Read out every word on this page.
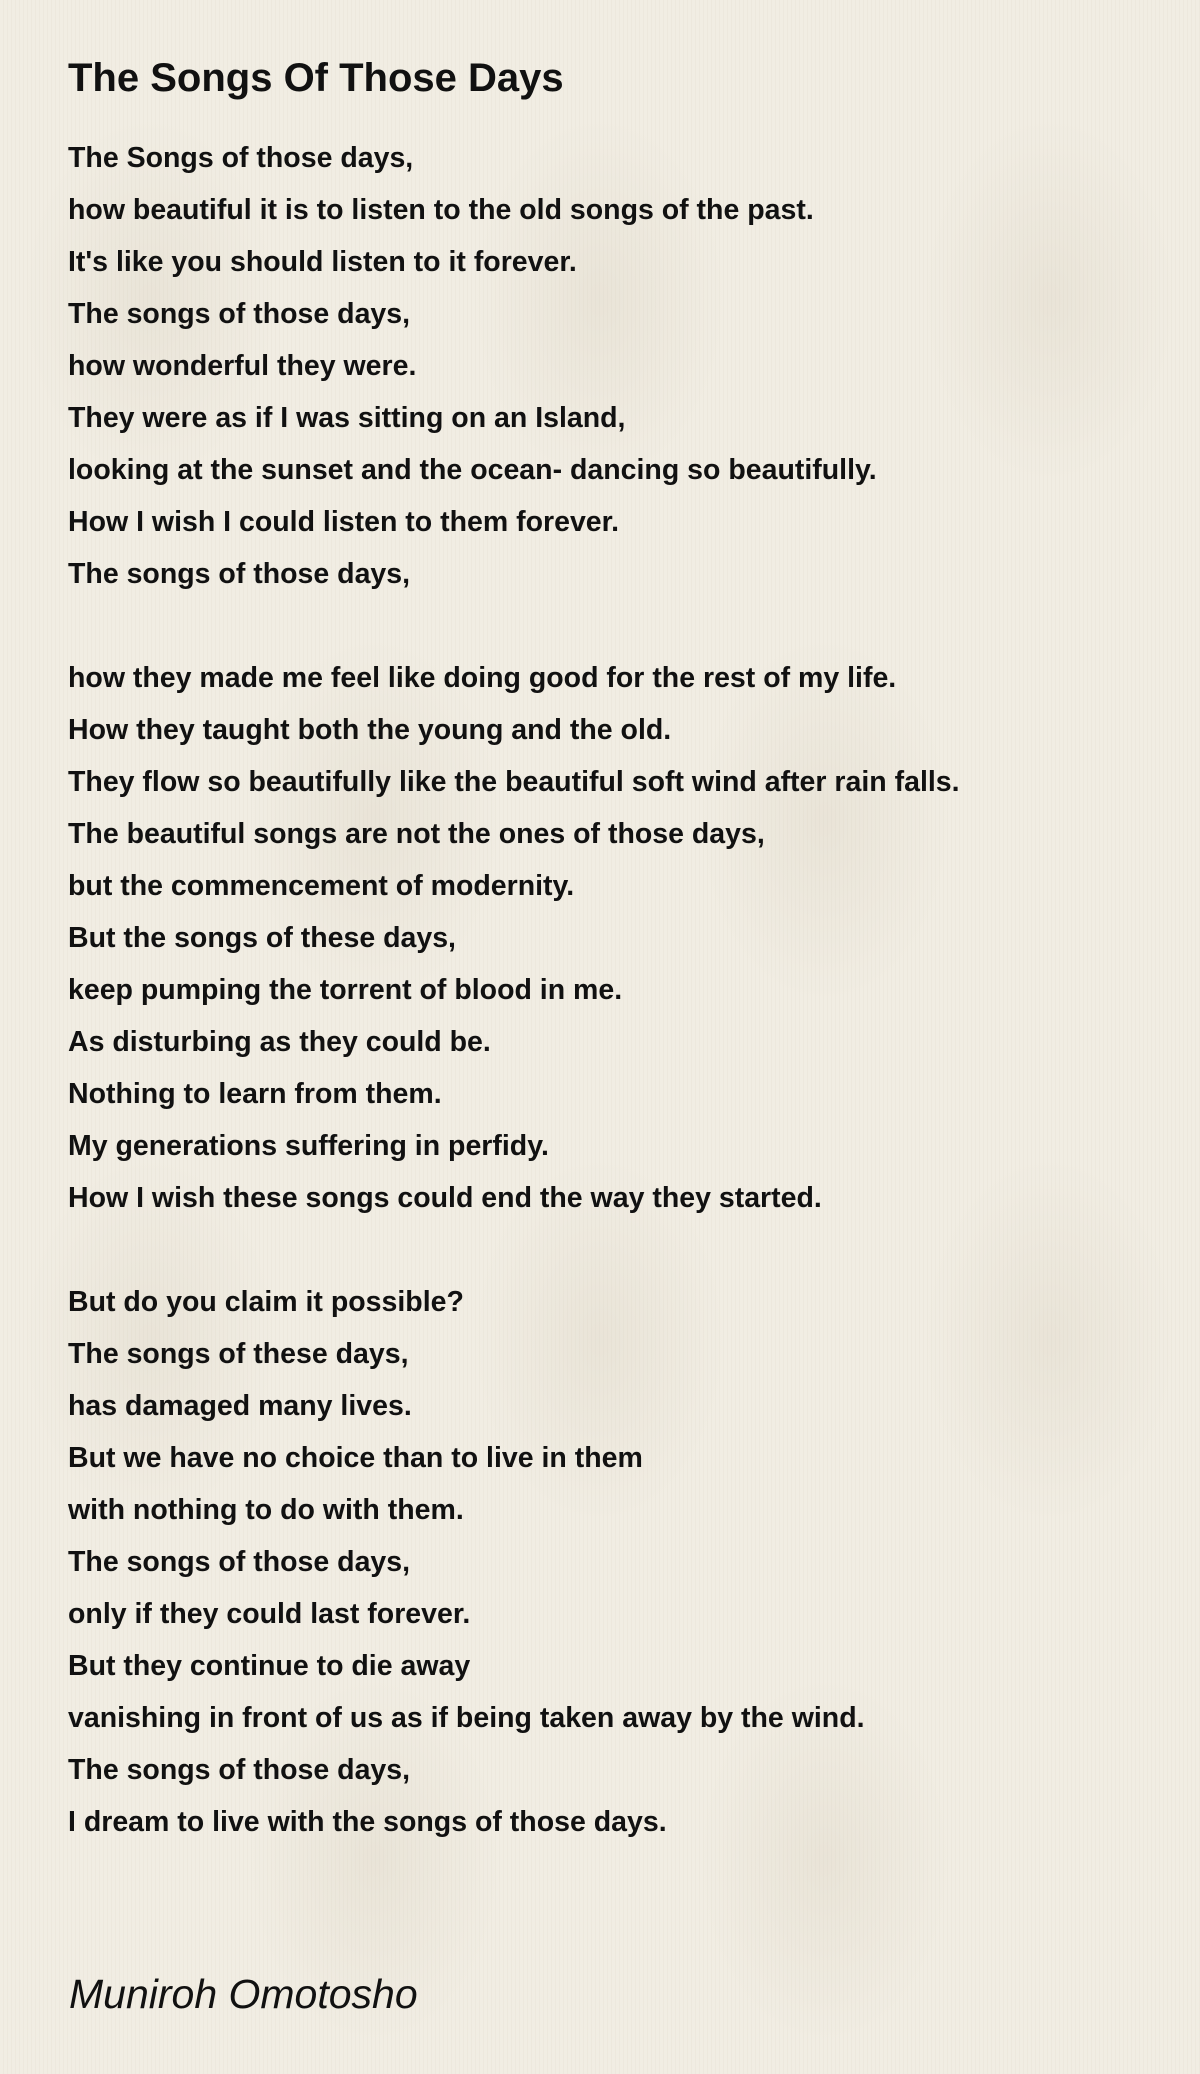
The Songs Of Those Days
The Songs of those days,
how beautiful it is to listen to the old songs of the past.
It's like you should listen to it forever.
The songs of those days,
how wonderful they were.
They were as if I was sitting on an Island,
looking at the sunset and the ocean- dancing so beautifully.
How I wish I could listen to them forever.
The songs of those days,
how they made me feel like doing good for the rest of my life.
How they taught both the young and the old.
They flow so beautifully like the beautiful soft wind after rain falls.
The beautiful songs are not the ones of those days,
but the commencement of modernity.
But the songs of these days,
keep pumping the torrent of blood in me.
As disturbing as they could be.
Nothing to learn from them.
My generations suffering in perfidy.
How I wish these songs could end the way they started.
But do you claim it possible?
The songs of these days,
has damaged many lives.
But we have no choice than to live in them
with nothing to do with them.
The songs of those days,
only if they could last forever.
But they continue to die away
vanishing in front of us as if being taken away by the wind.
The songs of those days,
I dream to live with the songs of those days.
Muniroh Omotosho
